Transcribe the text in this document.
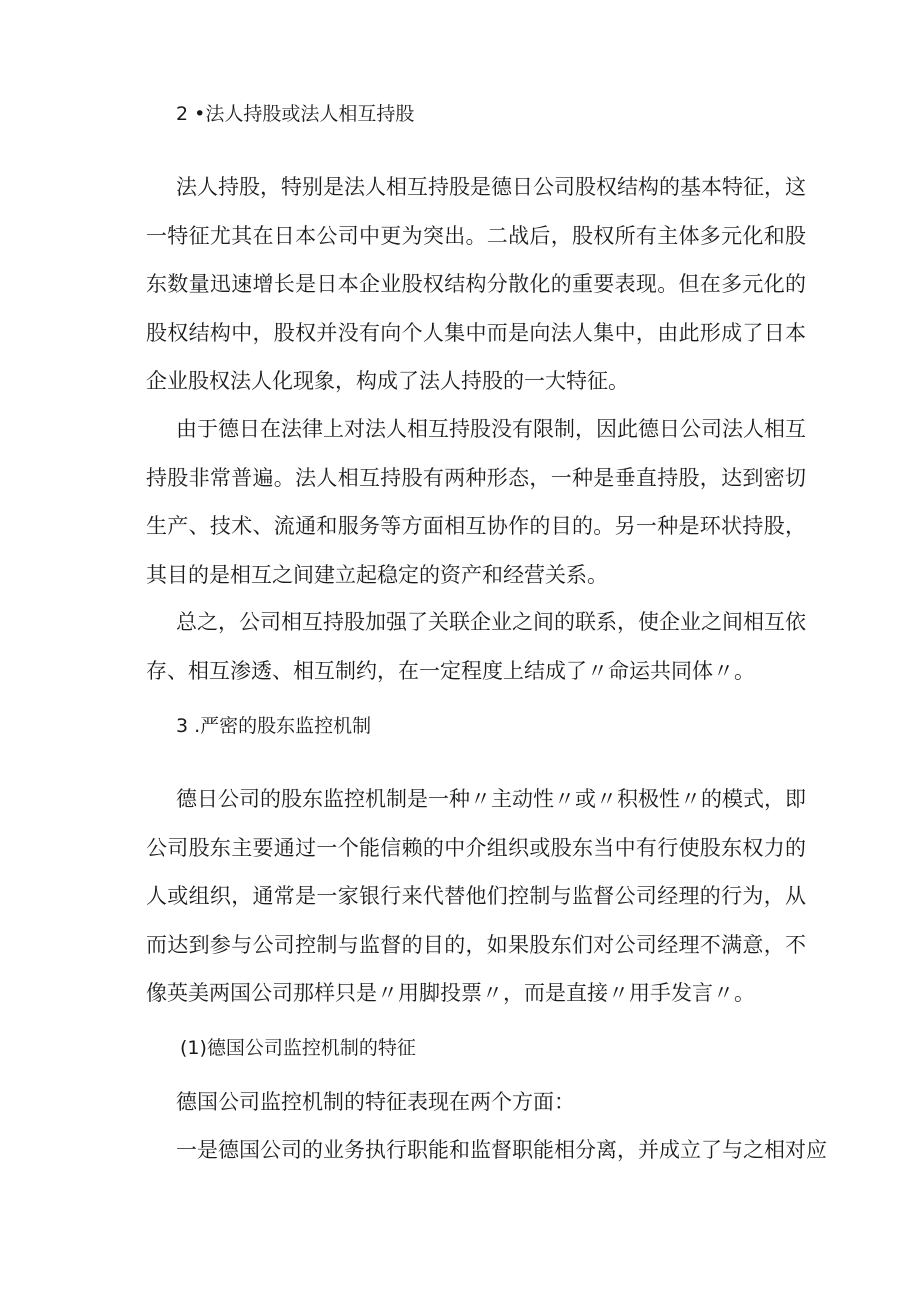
2 •法人持股或法人相互持股

法人持股，特别是法人相互持股是德日公司股权结构的基本特征，这一特征尤其在日本公司中更为突出。二战后，股权所有主体多元化和股东数量迅速增长是日本企业股权结构分散化的重要表现。但在多元化的股权结构中，股权并没有向个人集中而是向法人集中，由此形成了日本企业股权法人化现象，构成了法人持股的一大特征。

由于德日在法律上对法人相互持股没有限制，因此德日公司法人相互持股非常普遍。法人相互持股有两种形态，一种是垂直持股，达到密切生产、技术、流通和服务等方面相互协作的目的。另一种是环状持股，其目的是相互之间建立起稳定的资产和经营关系。

总之，公司相互持股加强了关联企业之间的联系，使企业之间相互依存、相互渗透、相互制约，在一定程度上结成了〃命运共同体〃。

3 .严密的股东监控机制

德日公司的股东监控机制是一种〃主动性〃或〃积极性〃的模式，即公司股东主要通过一个能信赖的中介组织或股东当中有行使股东权力的人或组织，通常是一家银行来代替他们控制与监督公司经理的行为，从而达到参与公司控制与监督的目的，如果股东们对公司经理不满意，不像英美两国公司那样只是〃用脚投票〃，而是直接〃用手发言〃。

(1)德国公司监控机制的特征
德国公司监控机制的特征表现在两个方面：
一是德国公司的业务执行职能和监督职能相分离，并成立了与之相对应
